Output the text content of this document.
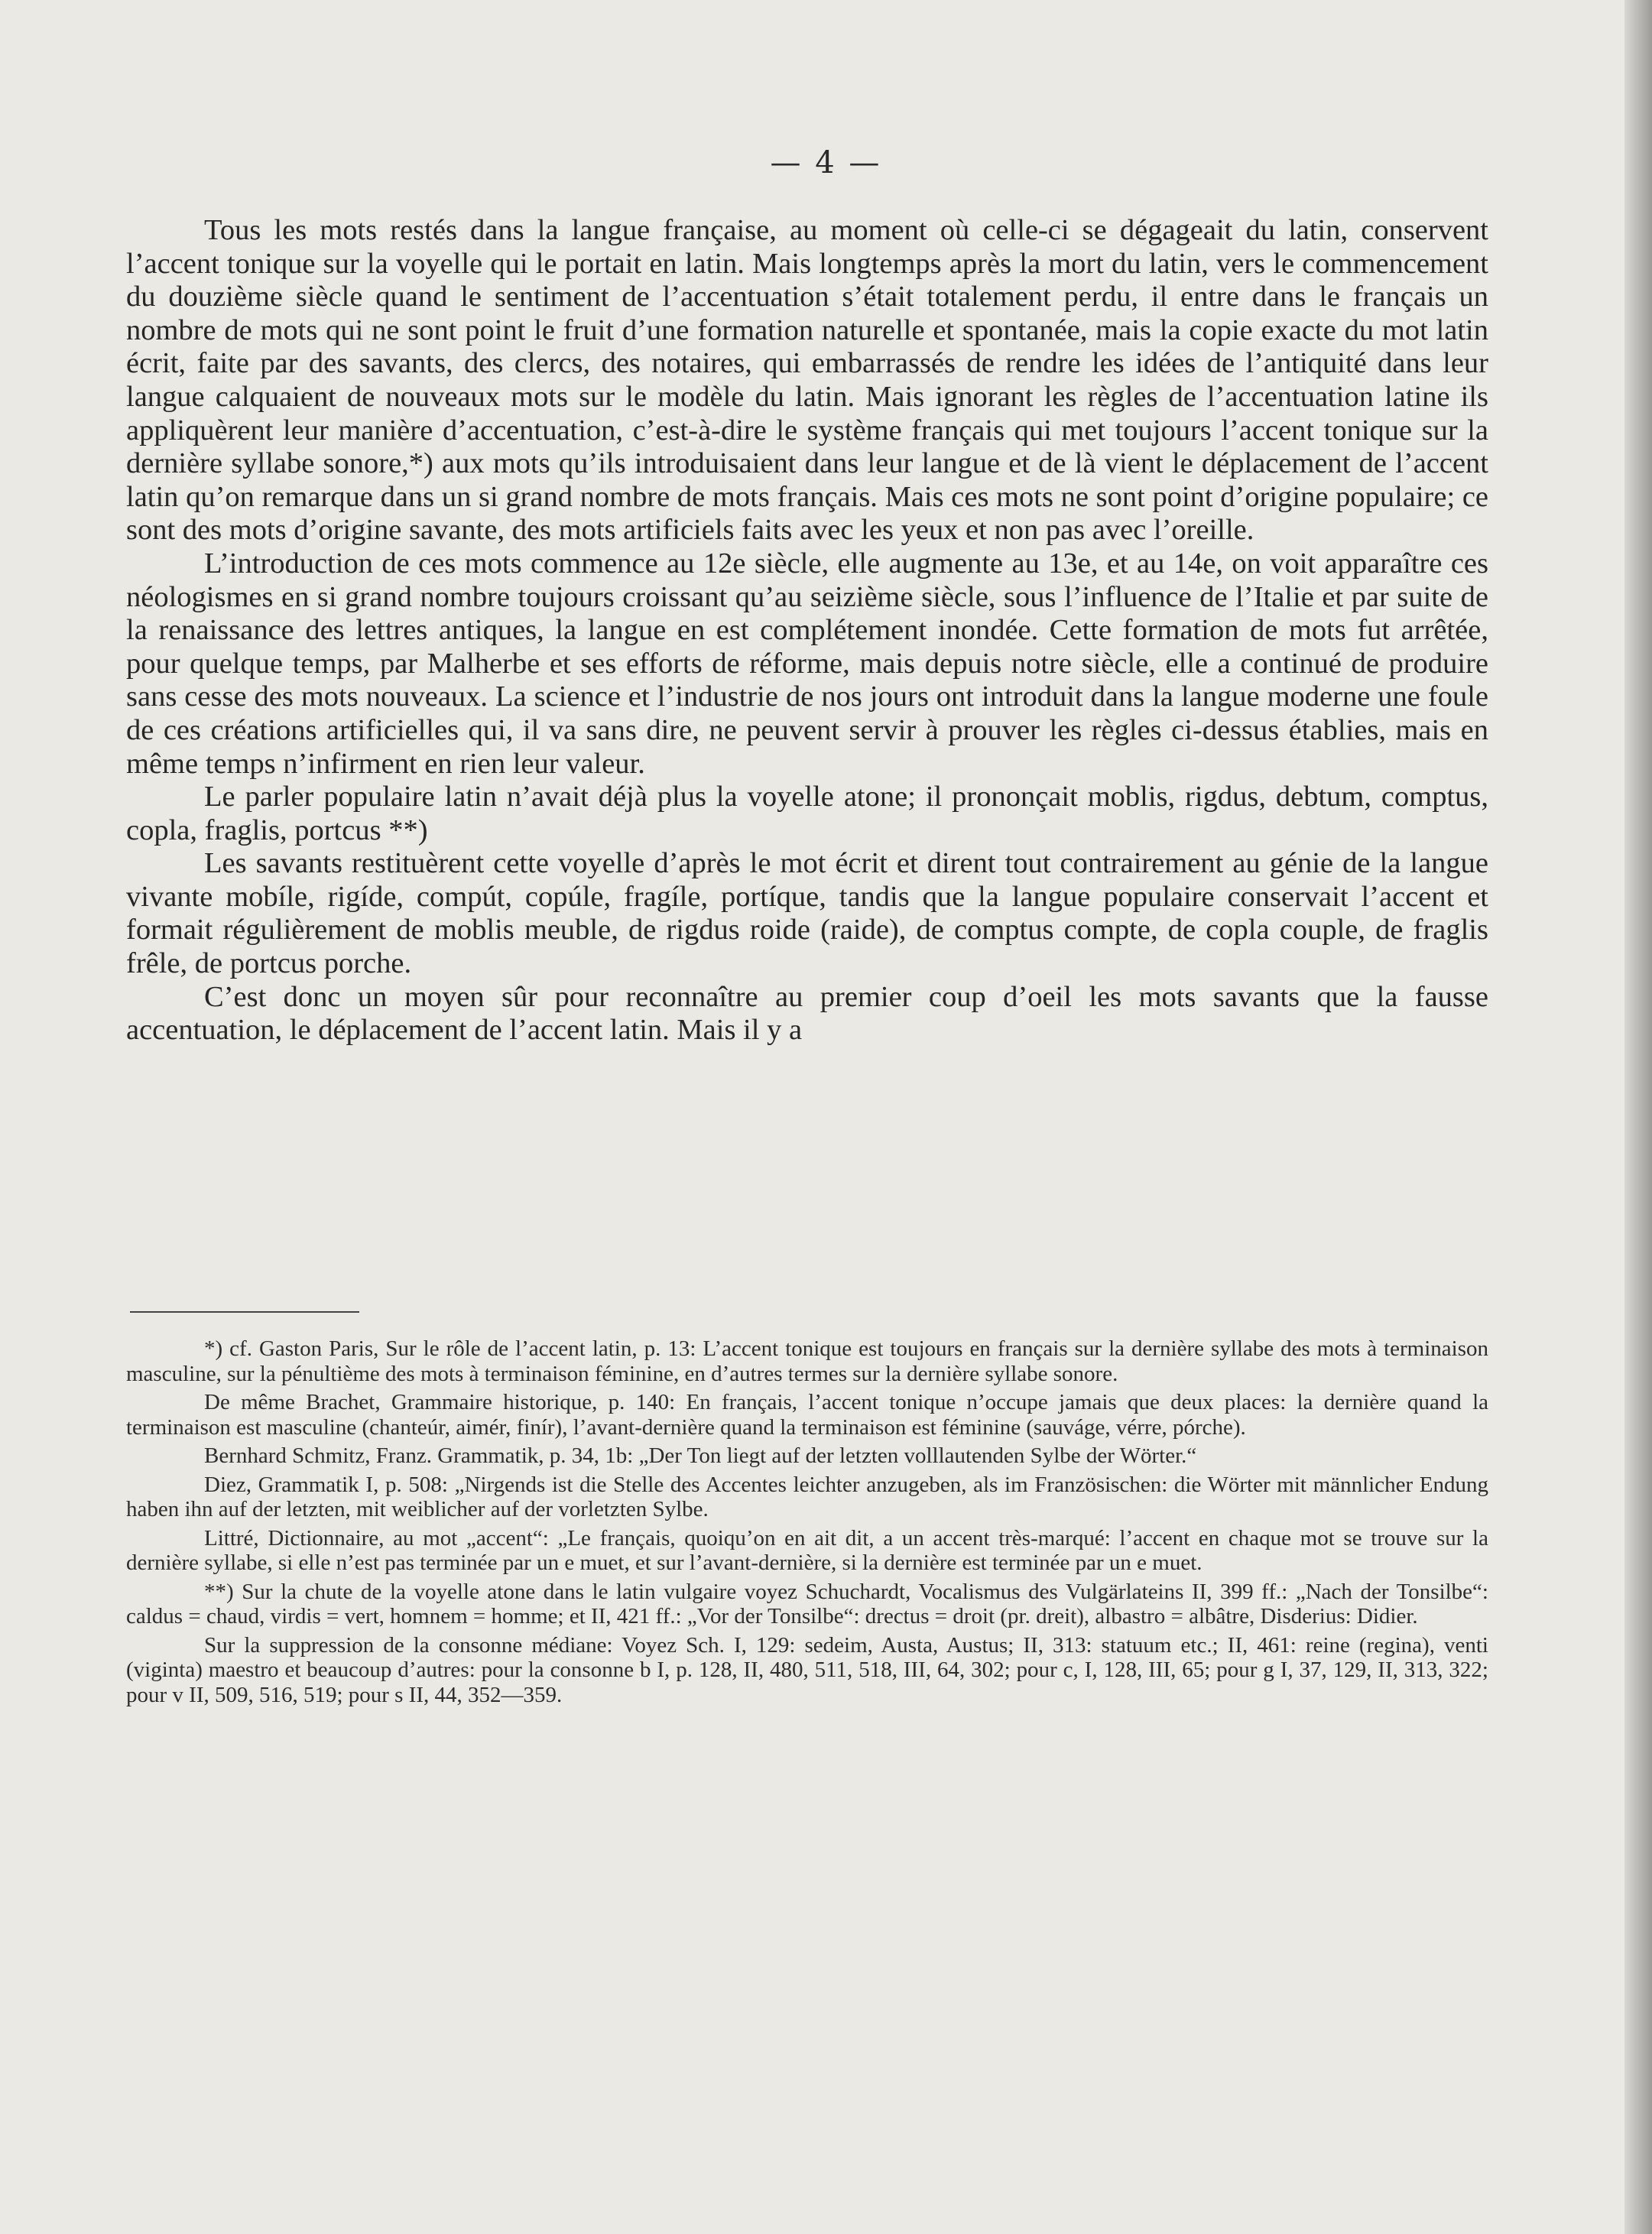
— 4 —

Tous les mots restés dans la langue française, au moment où celle-ci se dégageait du latin, conservent l’accent tonique sur la voyelle qui le portait en latin. Mais longtemps après la mort du latin, vers le commencement du douzième siècle quand le sentiment de l’accentuation s’était totalement perdu, il entre dans le français un nombre de mots qui ne sont point le fruit d’une formation naturelle et spontanée, mais la copie exacte du mot latin écrit, faite par des savants, des clercs, des notaires, qui embarrassés de rendre les idées de l’antiquité dans leur langue calquaient de nouveaux mots sur le modèle du latin. Mais ignorant les règles de l’accentuation latine ils appliquèrent leur manière d’accentuation, c’est-à-dire le système français qui met toujours l’accent tonique sur la dernière syllabe sonore,*) aux mots qu’ils introduisaient dans leur langue et de là vient le déplacement de l’accent latin qu’on remarque dans un si grand nombre de mots français. Mais ces mots ne sont point d’origine populaire; ce sont des mots d’origine savante, des mots artificiels faits avec les yeux et non pas avec l’oreille.

L’introduction de ces mots commence au 12e siècle, elle augmente au 13e, et au 14e, on voit apparaître ces néologismes en si grand nombre toujours croissant qu’au seizième siècle, sous l’influence de l’Italie et par suite de la renaissance des lettres antiques, la langue en est complétement inondée. Cette formation de mots fut arrêtée, pour quelque temps, par Malherbe et ses efforts de réforme, mais depuis notre siècle, elle a continué de produire sans cesse des mots nouveaux. La science et l’industrie de nos jours ont introduit dans la langue moderne une foule de ces créations artificielles qui, il va sans dire, ne peuvent servir à prouver les règles ci-dessus établies, mais en même temps n’infirment en rien leur valeur.

Le parler populaire latin n’avait déjà plus la voyelle atone; il prononçait moblis, rigdus, debtum, comptus, copla, fraglis, portcus **)

Les savants restituèrent cette voyelle d’après le mot écrit et dirent tout contrairement au génie de la langue vivante mobíle, rigíde, compút, copúle, fragíle, portíque, tandis que la langue populaire conservait l’accent et formait régulièrement de moblis meuble, de rigdus roide (raide), de comptus compte, de copla couple, de fraglis frêle, de portcus porche.

C’est donc un moyen sûr pour reconnaître au premier coup d’oeil les mots savants que la fausse accentuation, le déplacement de l’accent latin. Mais il y a

*) cf. Gaston Paris, Sur le rôle de l’accent latin, p. 13: L’accent tonique est toujours en français sur la dernière syllabe des mots à terminaison masculine, sur la pénultième des mots à terminaison féminine, en d’autres termes sur la dernière syllabe sonore.

De même Brachet, Grammaire historique, p. 140: En français, l’accent tonique n’occupe jamais que deux places: la dernière quand la terminaison est masculine (chanteúr, aimér, finír), l’avant-dernière quand la terminaison est féminine (sauváge, vérre, pórche).

Bernhard Schmitz, Franz. Grammatik, p. 34, 1b: „Der Ton liegt auf der letzten volllautenden Sylbe der Wörter.“

Diez, Grammatik I, p. 508: „Nirgends ist die Stelle des Accentes leichter anzugeben, als im Französischen: die Wörter mit männlicher Endung haben ihn auf der letzten, mit weiblicher auf der vorletzten Sylbe.

Littré, Dictionnaire, au mot „accent“: „Le français, quoiqu’on en ait dit, a un accent très-marqué: l’accent en chaque mot se trouve sur la dernière syllabe, si elle n’est pas terminée par un e muet, et sur l’avant-dernière, si la dernière est terminée par un e muet.

**) Sur la chute de la voyelle atone dans le latin vulgaire voyez Schuchardt, Vocalismus des Vulgärlateins II, 399 ff.: „Nach der Tonsilbe“: caldus = chaud, virdis = vert, homnem = homme; et II, 421 ff.: „Vor der Tonsilbe“: drectus = droit (pr. dreit), albastro = albâtre, Disderius: Didier.

Sur la suppression de la consonne médiane: Voyez Sch. I, 129: sedeim, Austa, Austus; II, 313: statuum etc.; II, 461: reine (regina), venti (viginta) maestro et beaucoup d’autres: pour la consonne b I, p. 128, II, 480, 511, 518, III, 64, 302; pour c, I, 128, III, 65; pour g I, 37, 129, II, 313, 322; pour v II, 509, 516, 519; pour s II, 44, 352—359.
